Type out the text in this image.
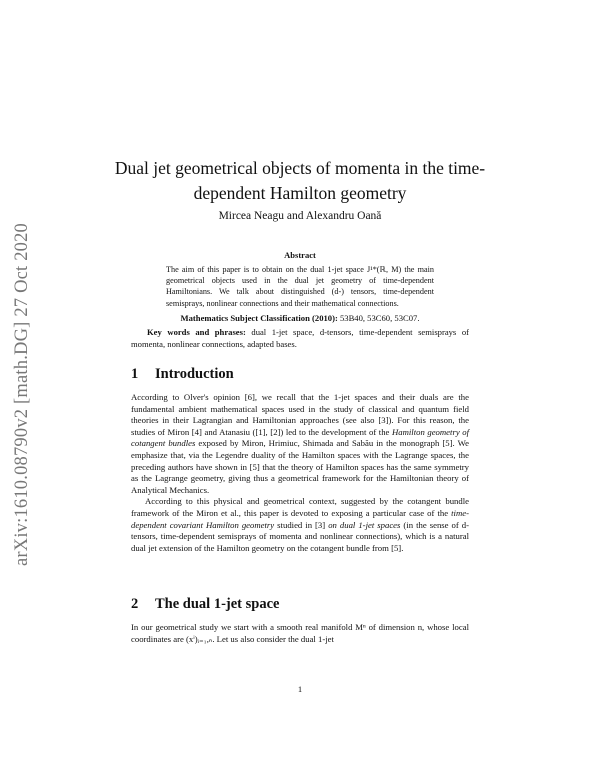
arXiv:1610.08790v2 [math.DG] 27 Oct 2020
Dual jet geometrical objects of momenta in the time-dependent Hamilton geometry
Mircea Neagu and Alexandru Oană
Abstract
The aim of this paper is to obtain on the dual 1-jet space J¹*(ℝ, M) the main geometrical objects used in the dual jet geometry of time-dependent Hamiltonians. We talk about distinguished (d-) tensors, time-dependent semisprays, nonlinear connections and their mathematical connections.
Mathematics Subject Classification (2010): 53B40, 53C60, 53C07.
Key words and phrases: dual 1-jet space, d-tensors, time-dependent semisprays of momenta, nonlinear connections, adapted bases.
1 Introduction

According to Olver's opinion [6], we recall that the 1-jet spaces and their duals are the fundamental ambient mathematical spaces used in the study of classical and quantum field theories in their Lagrangian and Hamiltonian approaches (see also [3]). For this reason, the studies of Miron [4] and Atanasiu ([1], [2]) led to the development of the Hamilton geometry of cotangent bundles exposed by Miron, Hrimiuc, Shimada and Sabău in the monograph [5]. We emphasize that, via the Legendre duality of the Hamilton spaces with the Lagrange spaces, the preceding authors have shown in [5] that the theory of Hamilton spaces has the same symmetry as the Lagrange geometry, giving thus a geometrical framework for the Hamiltonian theory of Analytical Mechanics.

According to this physical and geometrical context, suggested by the cotangent bundle framework of the Miron et al., this paper is devoted to exposing a particular case of the time-dependent covariant Hamilton geometry studied in [3] on dual 1-jet spaces (in the sense of d-tensors, time-dependent semisprays of momenta and nonlinear connections), which is a natural dual jet extension of the Hamilton geometry on the cotangent bundle from [5].

2 The dual 1-jet space

In our geometrical study we start with a smooth real manifold Mⁿ of dimension n, whose local coordinates are (xⁱ)ᵢ₌₁,ₙ. Let us also consider the dual 1-jet

1
